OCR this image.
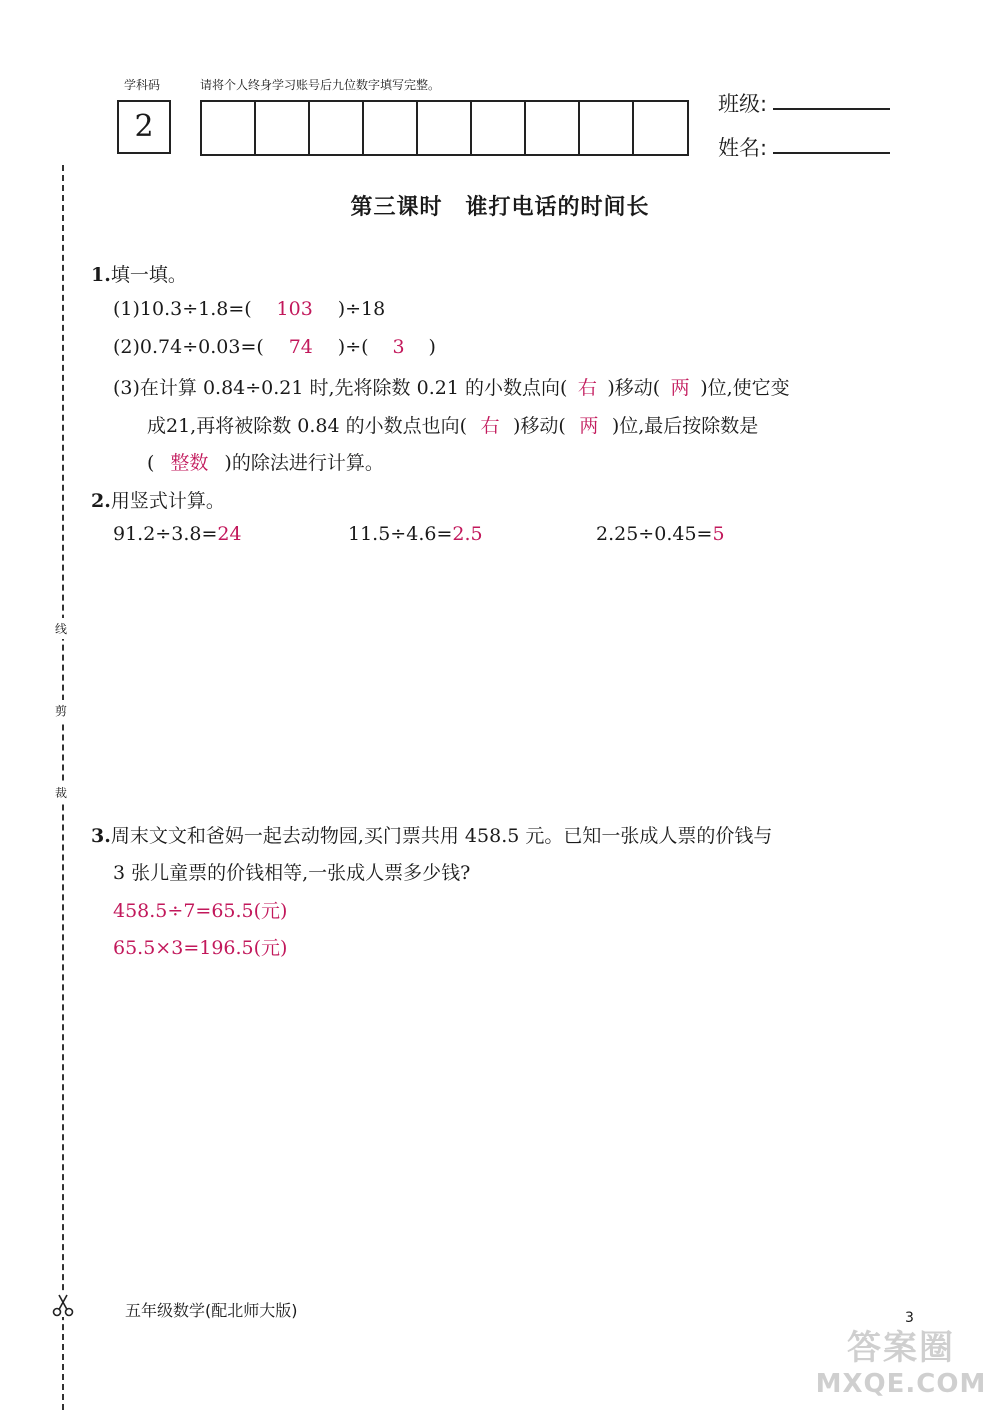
学科码	请将个人终身学习账号后九位数字填写完整。
2
班级:
姓名:
线
剪
裁
第三课时　谁打电话的时间长
1.填一填。
(1)10.3÷1.8=( 103 )÷18
(2)0.74÷0.03=( 74 )÷( 3 )
(3)在计算 0.84÷0.21 时,先将除数 0.21 的小数点向( 右 )移动( 两 )位,使它变
成21,再将被除数 0.84 的小数点也向( 右 )移动( 两 )位,最后按除数是
( 整数 )的除法进行计算。
2.用竖式计算。
91.2÷3.8=24	11.5÷4.6=2.5	2.25÷0.45=5
3.周末文文和爸妈一起去动物园,买门票共用 458.5 元。已知一张成人票的价钱与
3 张儿童票的价钱相等,一张成人票多少钱?
458.5÷7=65.5(元)
65.5×3=196.5(元)
五年级数学(配北师大版)	3
答案圈
MXQE.COM
